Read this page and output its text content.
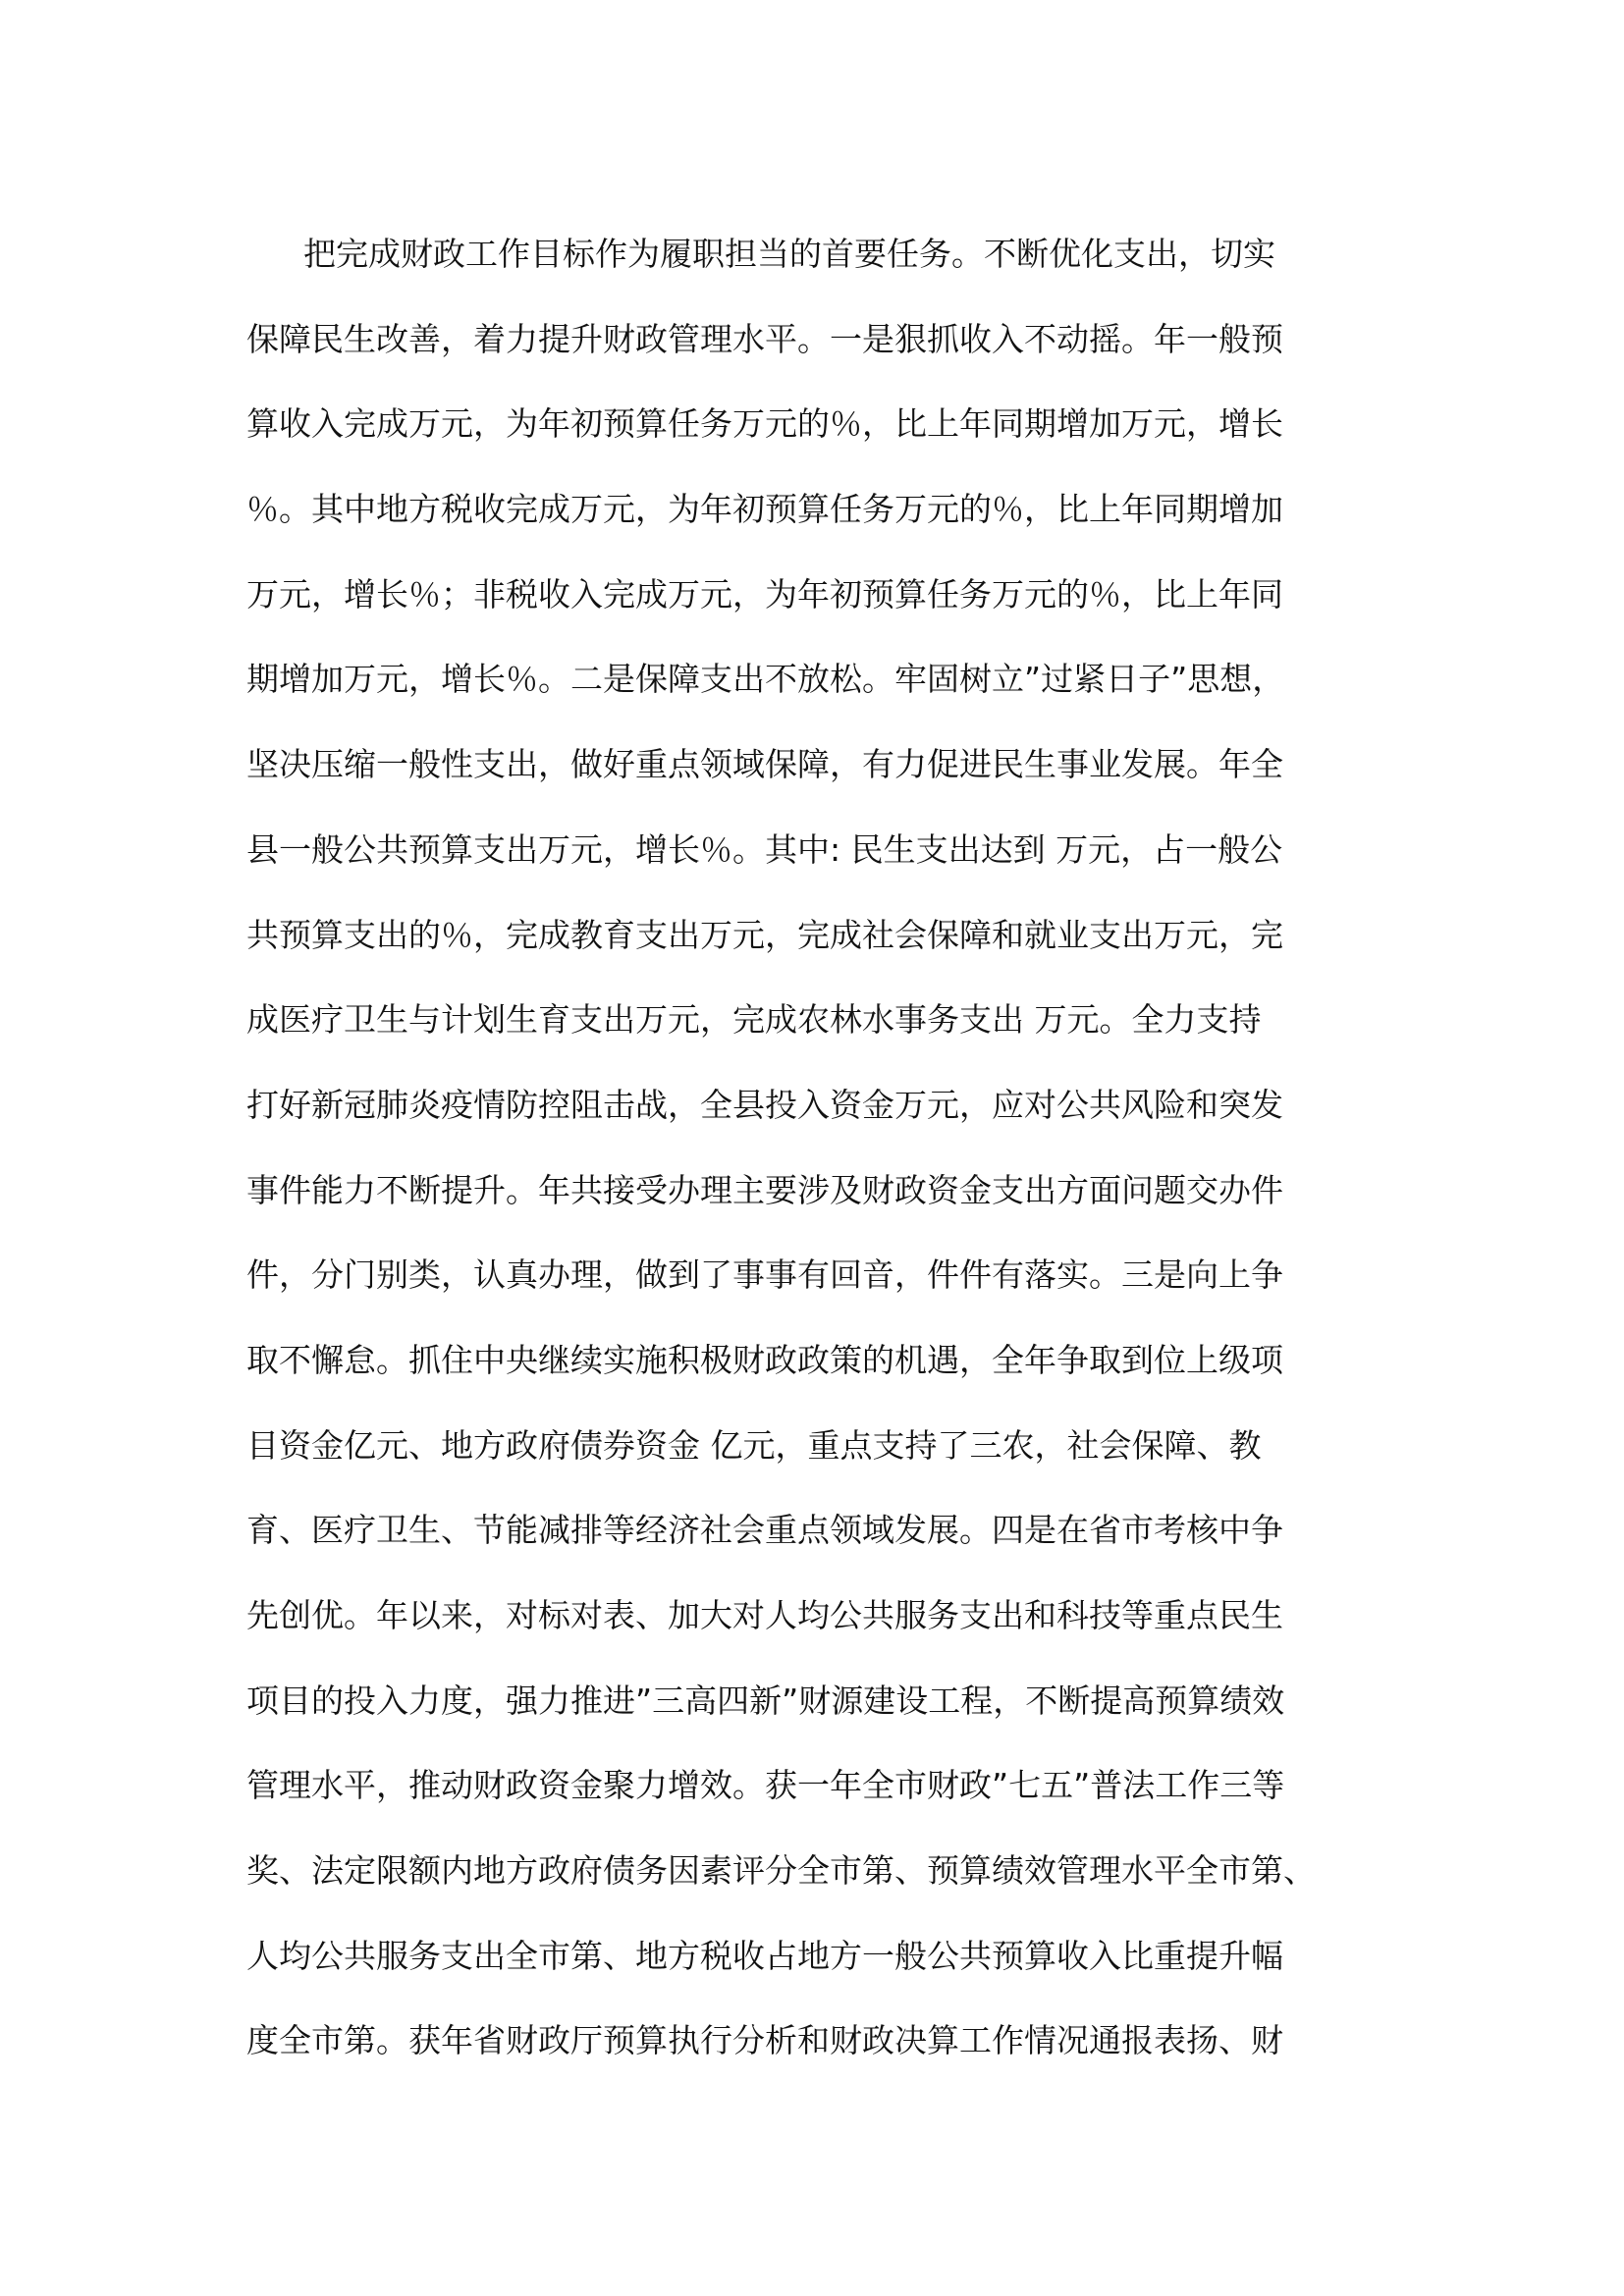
把完成财政工作目标作为履职担当的首要任务。不断优化支出，切实
保障民生改善，着力提升财政管理水平。一是狠抓收入不动摇。年一般预
算收入完成万元，为年初预算任务万元的％，比上年同期增加万元，增长
％。其中地方税收完成万元，为年初预算任务万元的％，比上年同期增加
万元，增长％；非税收入完成万元，为年初预算任务万元的％，比上年同
期增加万元，增长％。二是保障支出不放松。牢固树立”过紧日子”思想，
坚决压缩一般性支出，做好重点领域保障，有力促进民生事业发展。年全
县一般公共预算支出万元，增长％。其中: 民生支出达到 万元，占一般公
共预算支出的％，完成教育支出万元，完成社会保障和就业支出万元，完
成医疗卫生与计划生育支出万元，完成农林水事务支出 万元。全力支持
打好新冠肺炎疫情防控阻击战，全县投入资金万元，应对公共风险和突发
事件能力不断提升。年共接受办理主要涉及财政资金支出方面问题交办件
件，分门别类，认真办理，做到了事事有回音，件件有落实。三是向上争
取不懈怠。抓住中央继续实施积极财政政策的机遇，全年争取到位上级项
目资金亿元、地方政府债券资金 亿元，重点支持了三农，社会保障、教
育、医疗卫生、节能减排等经济社会重点领域发展。四是在省市考核中争
先创优。年以来，对标对表、加大对人均公共服务支出和科技等重点民生
项目的投入力度，强力推进”三高四新”财源建设工程，不断提高预算绩效
管理水平，推动财政资金聚力增效。获一年全市财政”七五”普法工作三等
奖、法定限额内地方政府债务因素评分全市第、预算绩效管理水平全市第、
人均公共服务支出全市第、地方税收占地方一般公共预算收入比重提升幅
度全市第。获年省财政厅预算执行分析和财政决算工作情况通报表扬、财
